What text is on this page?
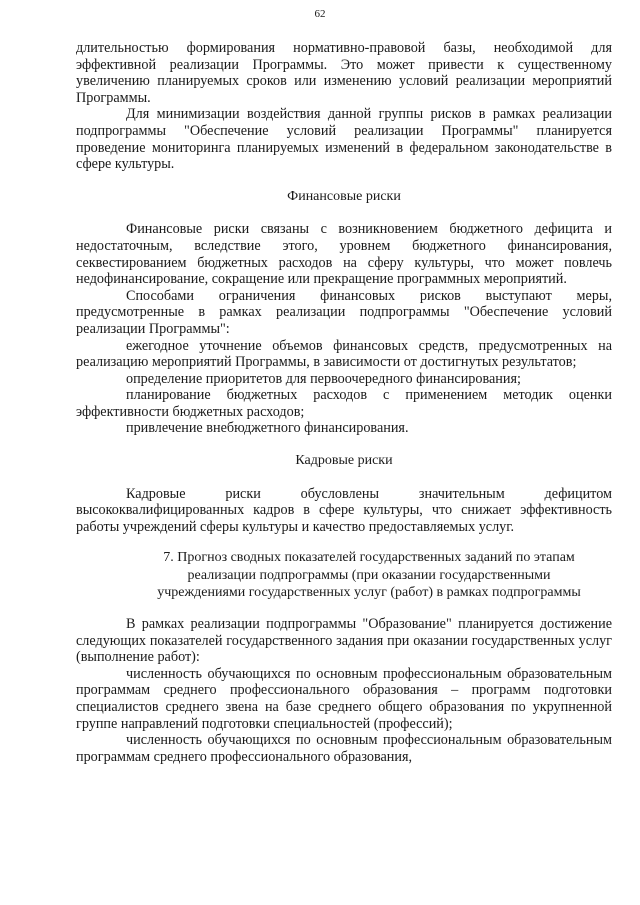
62

длительностью формирования нормативно-правовой базы, необходимой для эффективной реализации Программы. Это может привести к существенному увеличению планируемых сроков или изменению условий реализации мероприятий Программы.

Для минимизации воздействия данной группы рисков в рамках реализации подпрограммы "Обеспечение условий реализации Программы" планируется проведение мониторинга планируемых изменений в федеральном законодательстве в сфере культуры.

Финансовые риски

Финансовые риски связаны с возникновением бюджетного дефицита и недостаточным, вследствие этого, уровнем бюджетного финансирования, секвестированием бюджетных расходов на сферу культуры, что может повлечь недофинансирование, сокращение или прекращение программных мероприятий.

Способами ограничения финансовых рисков выступают меры, предусмотренные в рамках реализации подпрограммы "Обеспечение условий реализации Программы":

ежегодное уточнение объемов финансовых средств, предусмотренных на реализацию мероприятий Программы, в зависимости от достигнутых результатов;

определение приоритетов для первоочередного финансирования;

планирование бюджетных расходов с применением методик оценки эффективности бюджетных расходов;

привлечение внебюджетного финансирования.

Кадровые риски

Кадровые риски обусловлены значительным дефицитом высококвалифицированных кадров в сфере культуры, что снижает эффективность работы учреждений сферы культуры и качество предоставляемых услуг.

7. Прогноз сводных показателей государственных заданий по этапам реализации подпрограммы (при оказании государственными учреждениями государственных услуг (работ) в рамках подпрограммы

В рамках реализации подпрограммы "Образование" планируется достижение следующих показателей государственного задания при оказании государственных услуг (выполнение работ):

численность обучающихся по основным профессиональным образовательным программам среднего профессионального образования – программ подготовки специалистов среднего звена на базе среднего общего образования по укрупненной группе направлений подготовки специальностей (профессий);

численность обучающихся по основным профессиональным образовательным программам среднего профессионального образования,
